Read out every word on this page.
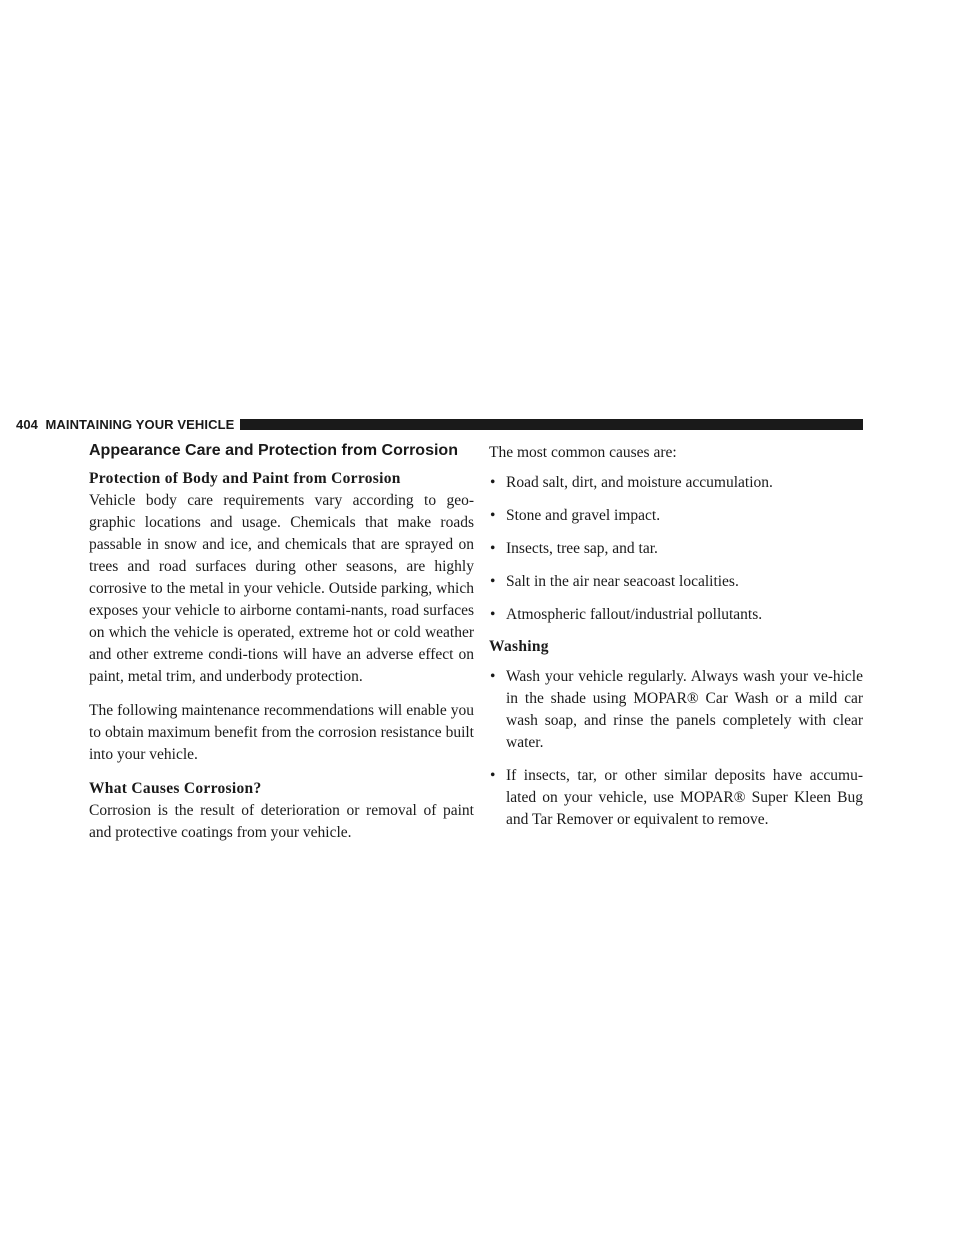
404 MAINTAINING YOUR VEHICLE
Appearance Care and Protection from Corrosion
Protection of Body and Paint from Corrosion

Vehicle body care requirements vary according to geo-graphic locations and usage. Chemicals that make roads passable in snow and ice, and chemicals that are sprayed on trees and road surfaces during other seasons, are highly corrosive to the metal in your vehicle. Outside parking, which exposes your vehicle to airborne contami-nants, road surfaces on which the vehicle is operated, extreme hot or cold weather and other extreme condi-tions will have an adverse effect on paint, metal trim, and underbody protection.

The following maintenance recommendations will enable you to obtain maximum benefit from the corrosion resistance built into your vehicle.

What Causes Corrosion?

Corrosion is the result of deterioration or removal of paint and protective coatings from your vehicle.

The most common causes are:
• Road salt, dirt, and moisture accumulation.
• Stone and gravel impact.
• Insects, tree sap, and tar.
• Salt in the air near seacoast localities.
• Atmospheric fallout/industrial pollutants.
Washing
• Wash your vehicle regularly. Always wash your ve-hicle in the shade using MOPAR® Car Wash or a mild car wash soap, and rinse the panels completely with clear water.
• If insects, tar, or other similar deposits have accumu-lated on your vehicle, use MOPAR® Super Kleen Bug and Tar Remover or equivalent to remove.
